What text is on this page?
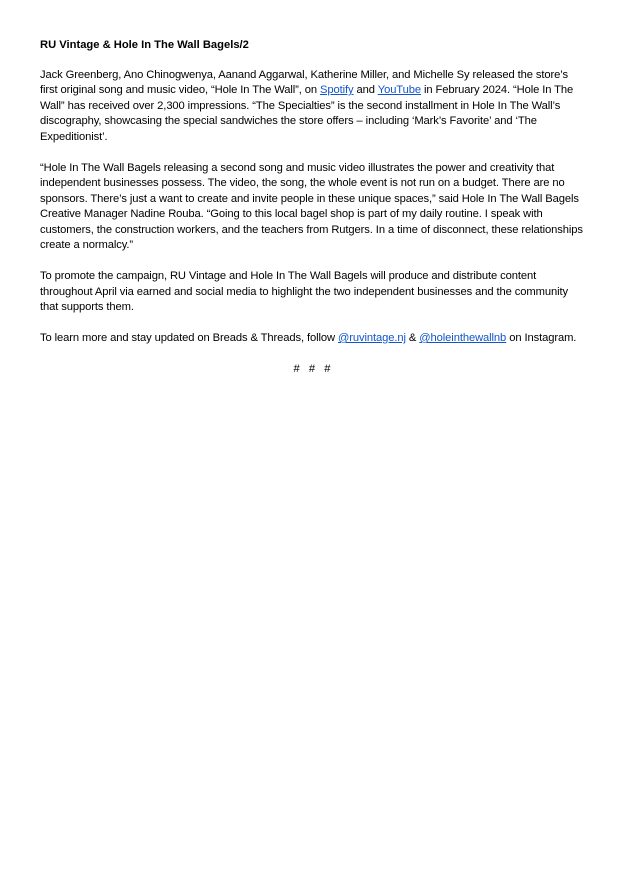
RU Vintage & Hole In The Wall Bagels/2

Jack Greenberg, Ano Chinogwenya, Aanand Aggarwal, Katherine Miller, and Michelle Sy released the store’s first original song and music video, “Hole In The Wall”, on Spotify and YouTube in February 2024. “Hole In The Wall” has received over 2,300 impressions. “The Specialties” is the second installment in Hole In The Wall’s discography, showcasing the special sandwiches the store offers – including ‘Mark’s Favorite’ and ‘The Expeditionist’.

“Hole In The Wall Bagels releasing a second song and music video illustrates the power and creativity that independent businesses possess. The video, the song, the whole event is not run on a budget. There are no sponsors. There’s just a want to create and invite people in these unique spaces,” said Hole In The Wall Bagels Creative Manager Nadine Rouba. “Going to this local bagel shop is part of my daily routine. I speak with customers, the construction workers, and the teachers from Rutgers. In a time of disconnect, these relationships create a normalcy.”

To promote the campaign, RU Vintage and Hole In The Wall Bagels will produce and distribute content throughout April via earned and social media to highlight the two independent businesses and the community that supports them.

To learn more and stay updated on Breads & Threads, follow @ruvintage.nj & @holeinthewallnb on Instagram.

# # #
